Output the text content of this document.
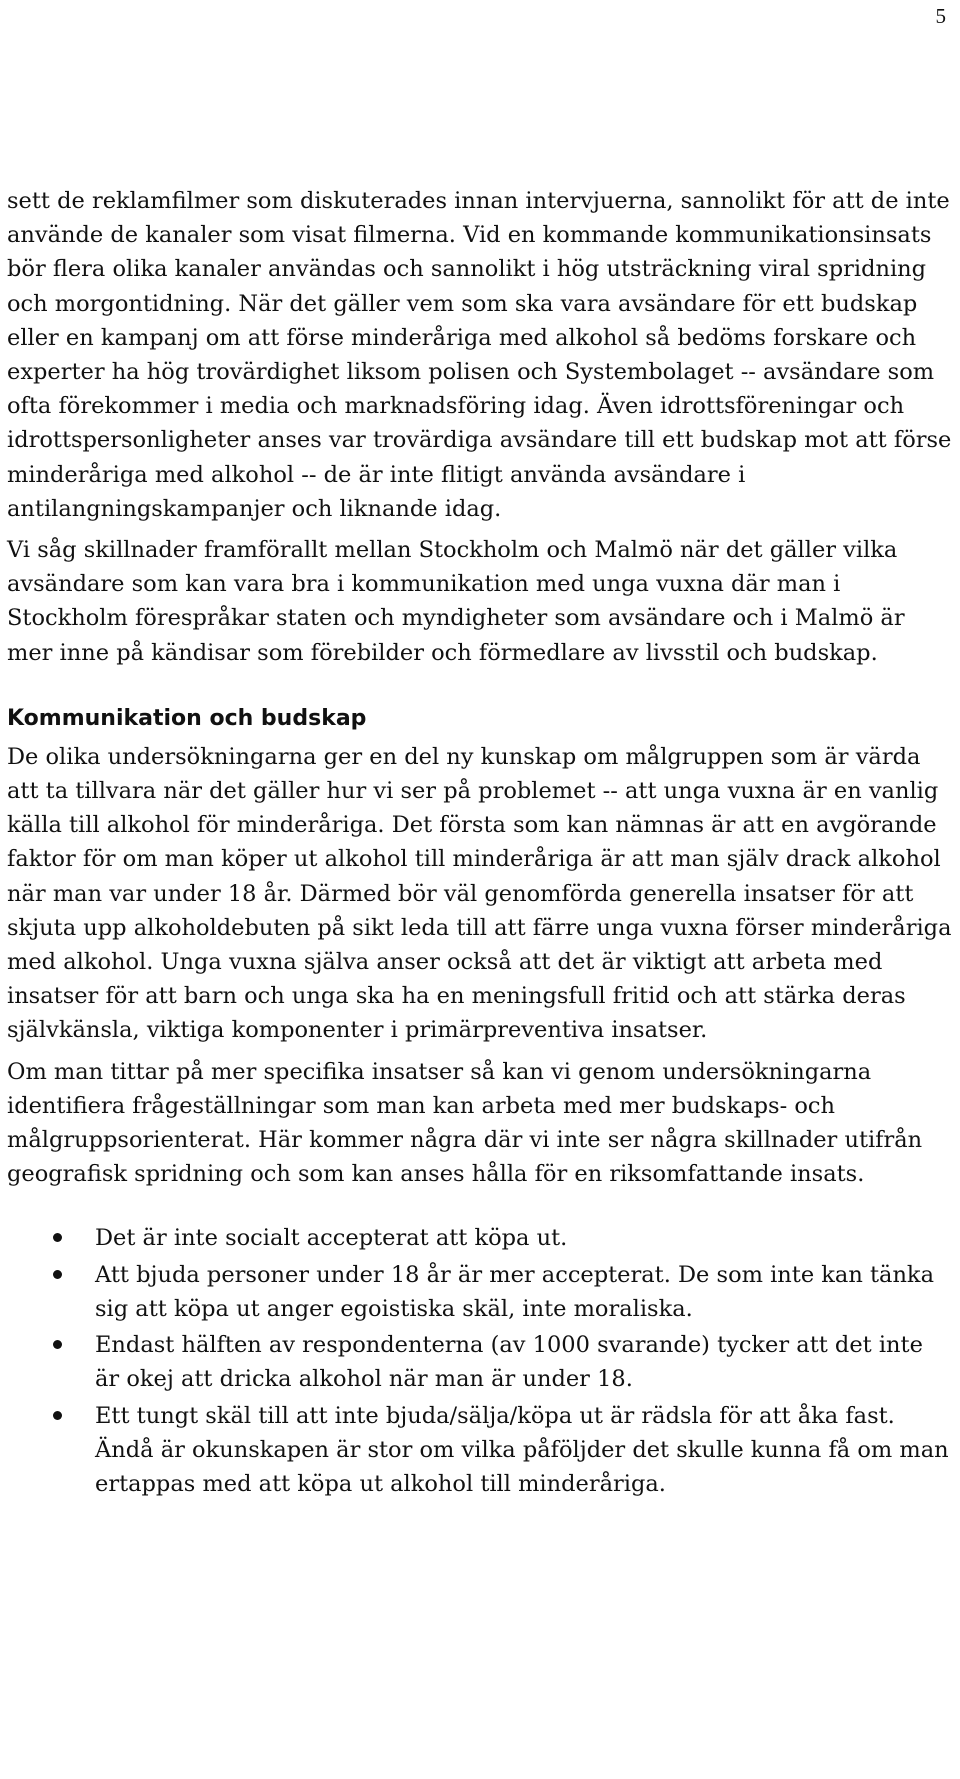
5

sett de reklamfilmer som diskuterades innan intervjuerna, sannolikt för att de inte använde de kanaler som visat filmerna. Vid en kommande kommunikationsinsats bör flera olika kanaler användas och sannolikt i hög utsträckning viral spridning och morgontidning. När det gäller vem som ska vara avsändare för ett budskap eller en kampanj om att förse minderåriga med alkohol så bedöms forskare och experter ha hög trovärdighet liksom polisen och Systembolaget -- avsändare som ofta förekommer i media och marknadsföring idag. Även idrottsföreningar och idrottspersonligheter anses var trovärdiga avsändare till ett budskap mot att förse minderåriga med alkohol -- de är inte flitigt använda avsändare i antilangningskampanjer och liknande idag.

Vi såg skillnader framförallt mellan Stockholm och Malmö när det gäller vilka avsändare som kan vara bra i kommunikation med unga vuxna där man i Stockholm förespråkar staten och myndigheter som avsändare och i Malmö är mer inne på kändisar som förebilder och förmedlare av livsstil och budskap.

Kommunikation och budskap

De olika undersökningarna ger en del ny kunskap om målgruppen som är värda att ta tillvara när det gäller hur vi ser på problemet -- att unga vuxna är en vanlig källa till alkohol för minderåriga. Det första som kan nämnas är att en avgörande faktor för om man köper ut alkohol till minderåriga är att man själv drack alkohol när man var under 18 år. Därmed bör väl genomförda generella insatser för att skjuta upp alkoholdebuten på sikt leda till att färre unga vuxna förser minderåriga med alkohol. Unga vuxna själva anser också att det är viktigt att arbeta med insatser för att barn och unga ska ha en meningsfull fritid och att stärka deras självkänsla, viktiga komponenter i primärpreventiva insatser.

Om man tittar på mer specifika insatser så kan vi genom undersökningarna identifiera frågeställningar som man kan arbeta med mer budskaps- och målgruppsorienterat. Här kommer några där vi inte ser några skillnader utifrån geografisk spridning och som kan anses hålla för en riksomfattande insats.

Det är inte socialt accepterat att köpa ut.
Att bjuda personer under 18 år är mer accepterat. De som inte kan tänka sig att köpa ut anger egoistiska skäl, inte moraliska.
Endast hälften av respondenterna (av 1000 svarande) tycker att det inte är okej att dricka alkohol när man är under 18.
Ett tungt skäl till att inte bjuda/sälja/köpa ut är rädsla för att åka fast. Ändå är okunskapen är stor om vilka påföljder det skulle kunna få om man ertappas med att köpa ut alkohol till minderåriga.
